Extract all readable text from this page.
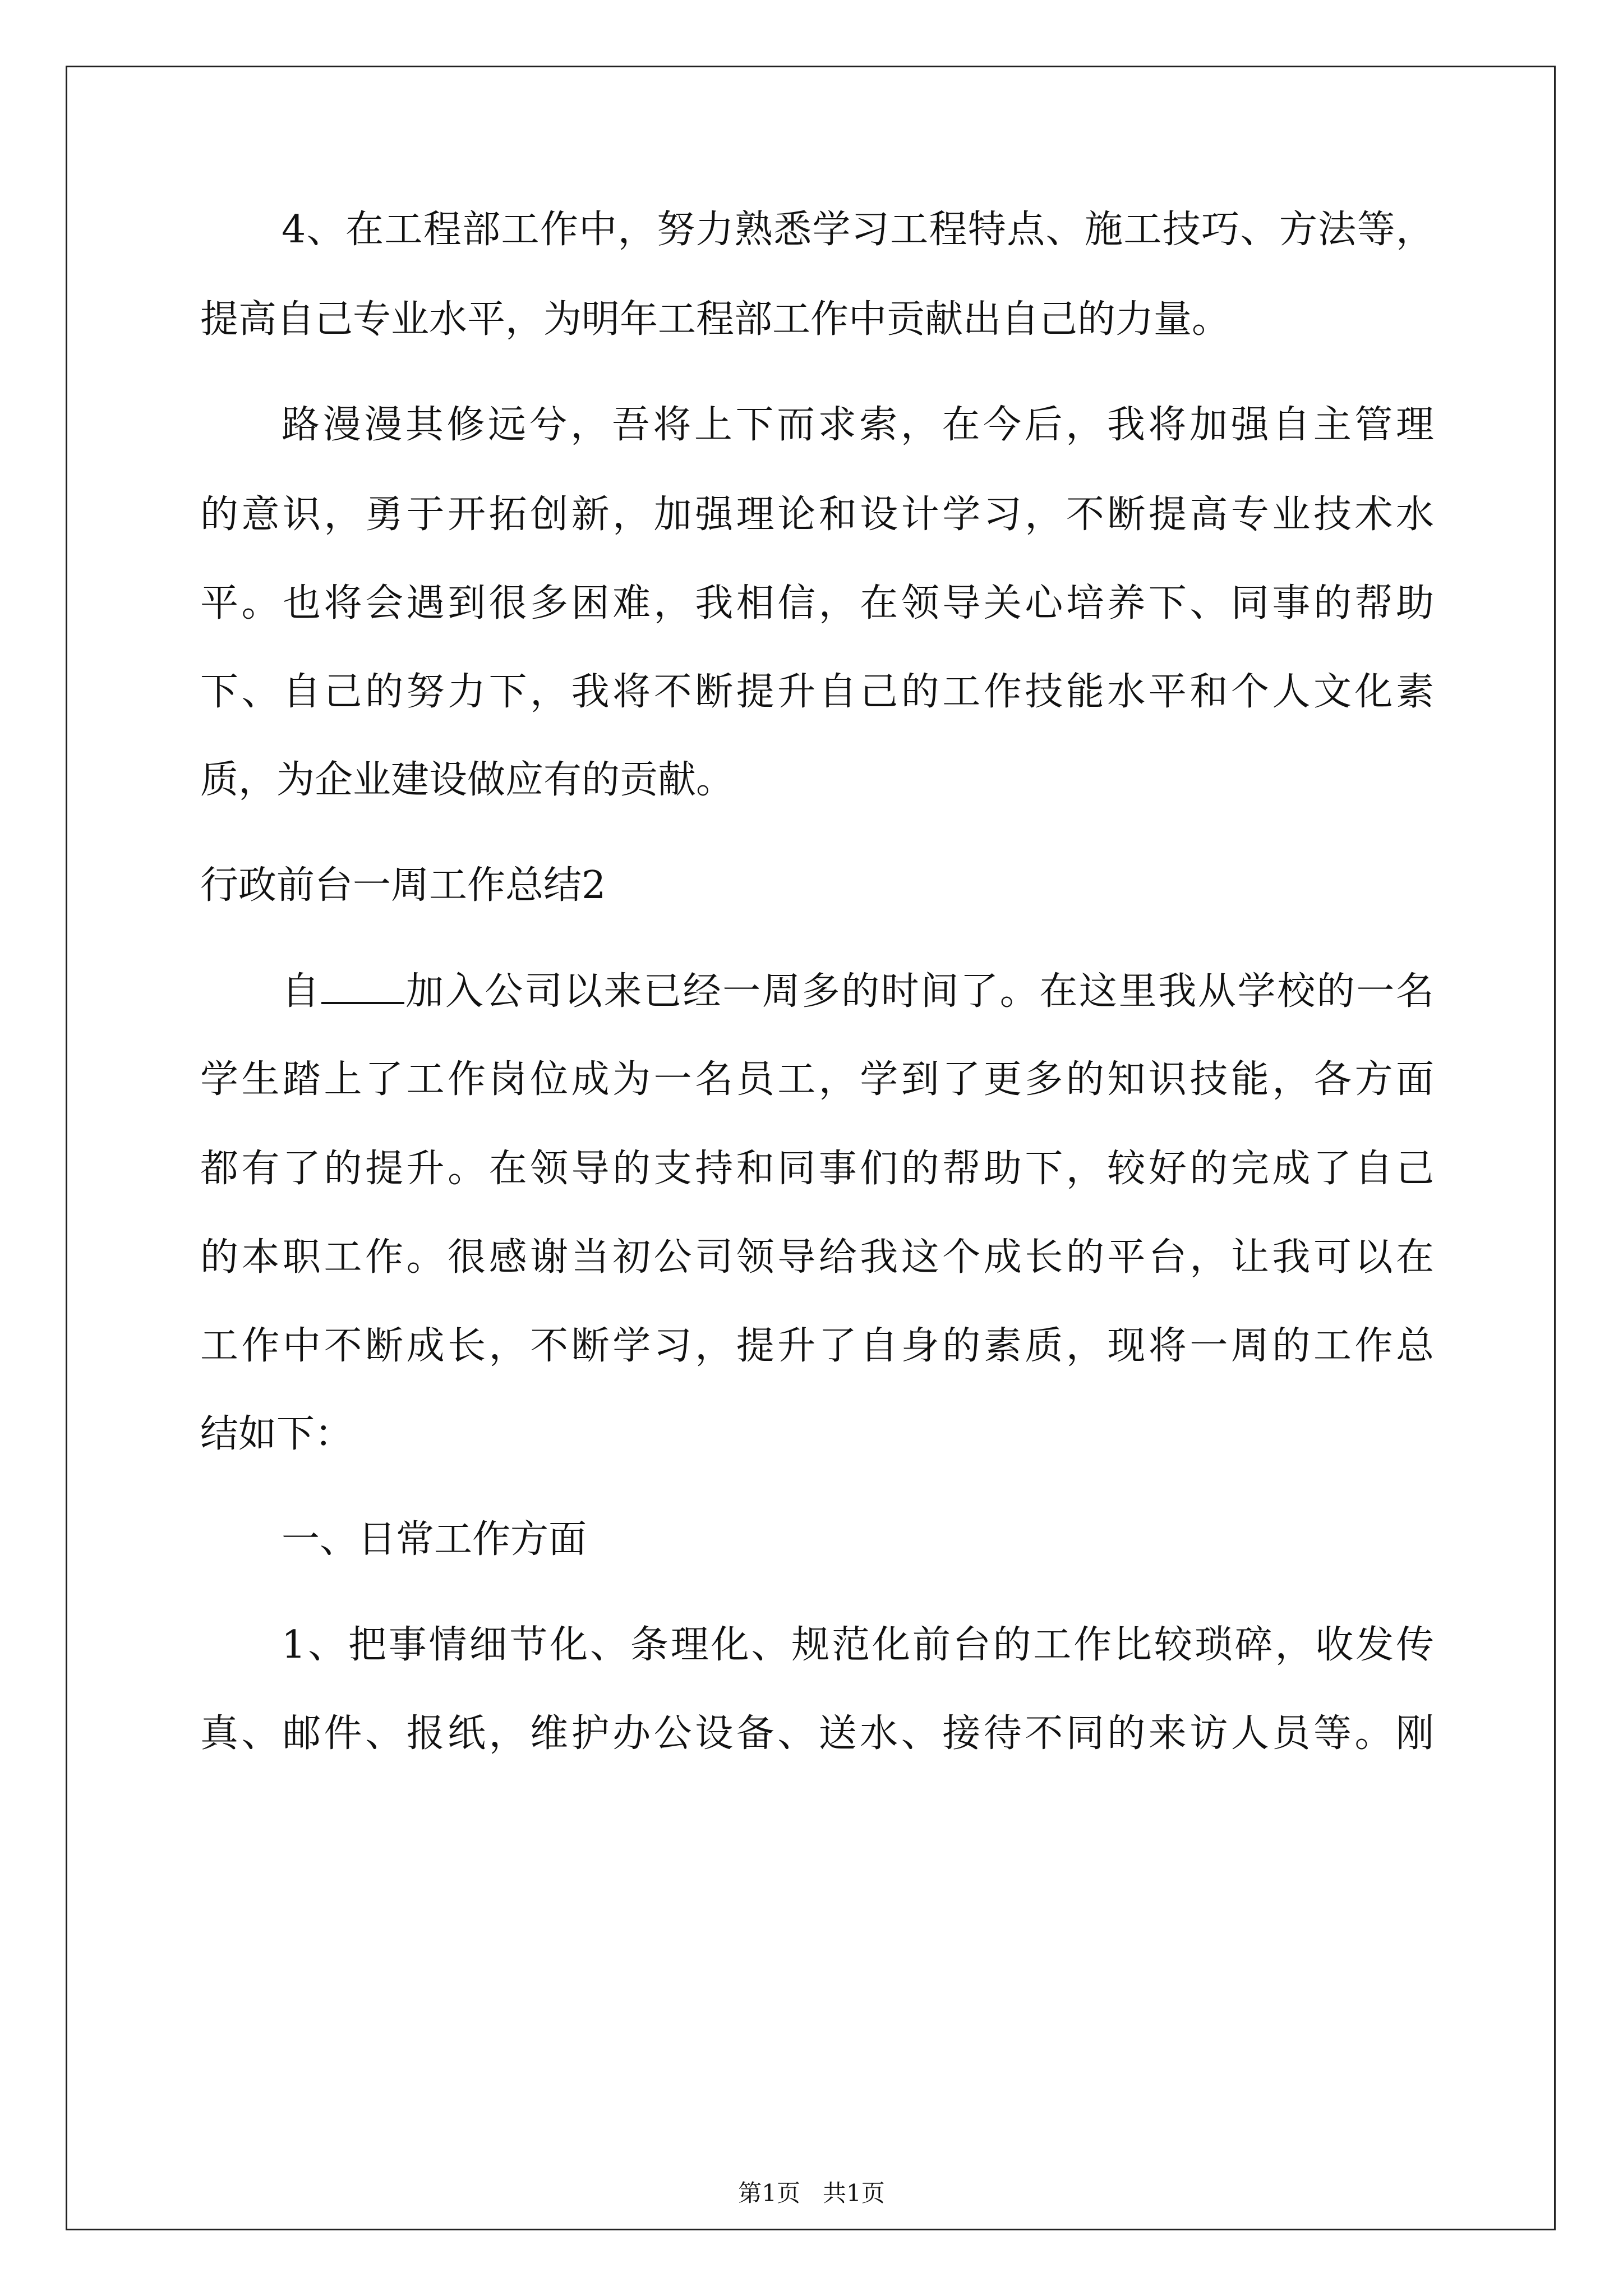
4、在工程部工作中，努力熟悉学习工程特点、施工技巧、方法等，
提高自己专业水平，为明年工程部工作中贡献出自己的力量。
路漫漫其修远兮，吾将上下而求索，在今后，我将加强自主管理
的意识，勇于开拓创新，加强理论和设计学习，不断提高专业技术水
平。也将会遇到很多困难，我相信，在领导关心培养下、同事的帮助
下、自己的努力下，我将不断提升自己的工作技能水平和个人文化素
质，为企业建设做应有的贡献。
行政前台一周工作总结2
自 加入公司以来已经一周多的时间了。在这里我从学校的一名
学生踏上了工作岗位成为一名员工，学到了更多的知识技能，各方面
都有了的提升。在领导的支持和同事们的帮助下，较好的完成了自己
的本职工作。很感谢当初公司领导给我这个成长的平台，让我可以在
工作中不断成长，不断学习，提升了自身的素质，现将一周的工作总
结如下：
一、日常工作方面
1、把事情细节化、条理化、规范化前台的工作比较琐碎，收发传
真、邮件、报纸，维护办公设备、送水、接待不同的来访人员等。刚
第1页 共1页
